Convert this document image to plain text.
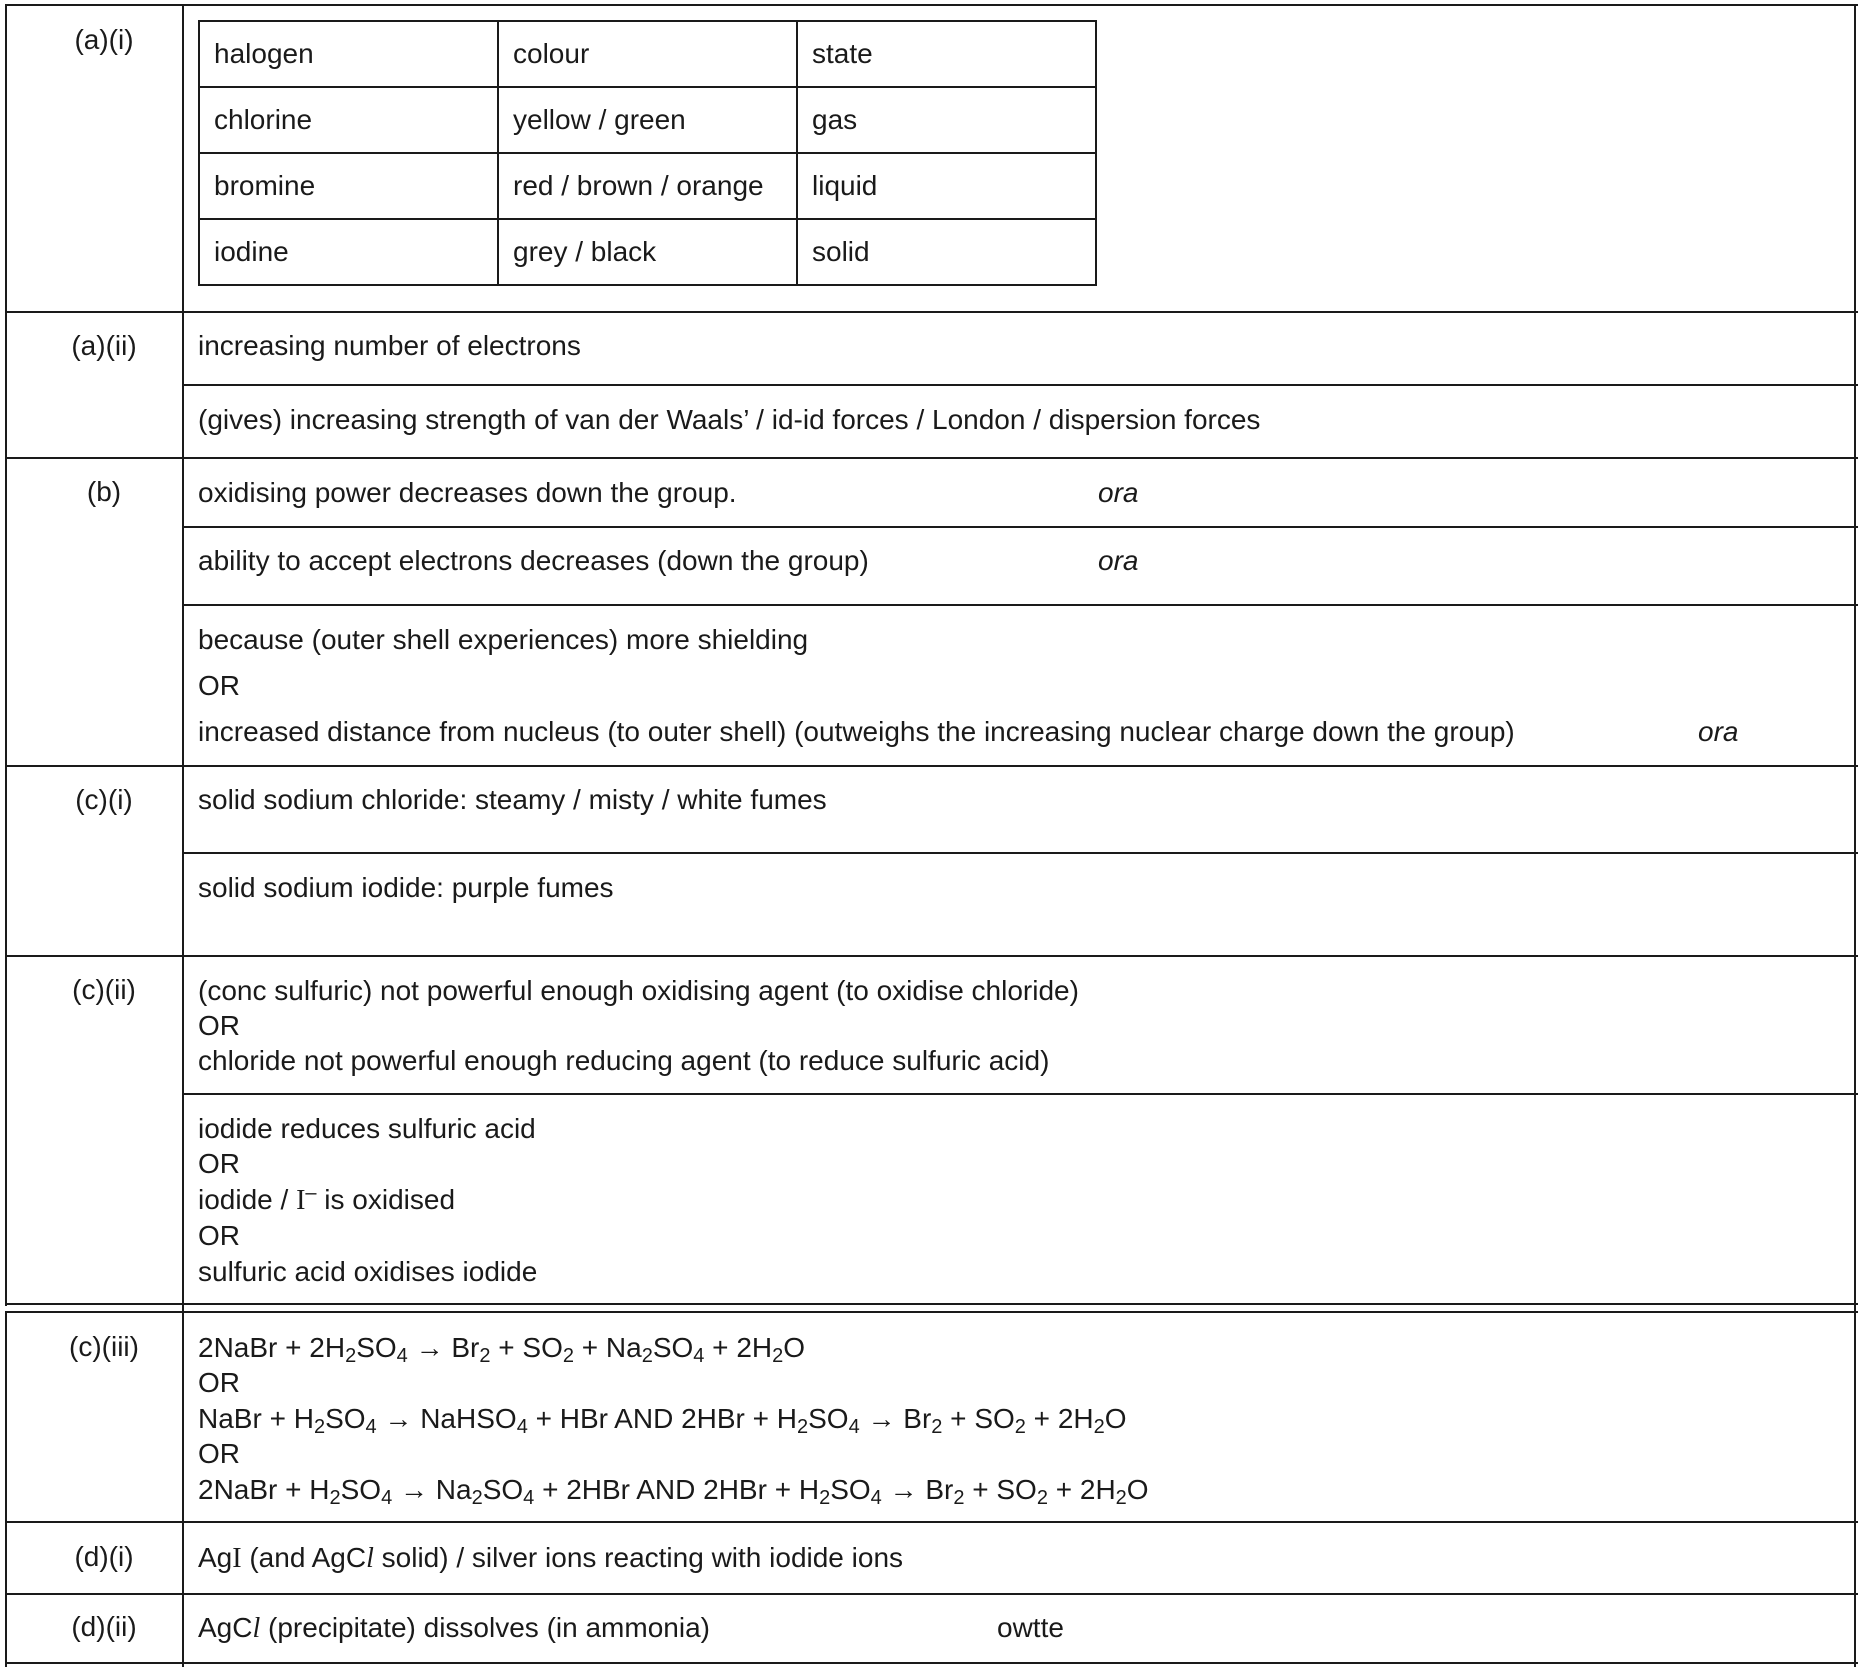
(a)(i)	halogen	colour	state
chlorine	yellow / green	gas
bromine	red / brown / orange	liquid
iodine	grey / black	solid
(a)(ii)	increasing number of electrons
(gives) increasing strength of van der Waals’ / id-id forces / London / dispersion forces
(b)	oxidising power decreases down the group.	ora
ability to accept electrons decreases (down the group)	ora
because (outer shell experiences) more shielding
OR
increased distance from nucleus (to outer shell) (outweighs the increasing nuclear charge down the group)	ora
(c)(i)	solid sodium chloride: steamy / misty / white fumes
solid sodium iodide: purple fumes
(c)(ii)	(conc sulfuric) not powerful enough oxidising agent (to oxidise chloride)
OR
chloride not powerful enough reducing agent (to reduce sulfuric acid)
iodide reduces sulfuric acid
OR
iodide / I– is oxidised
OR
sulfuric acid oxidises iodide
(c)(iii)	2NaBr + $2H_2SO_4 \to Br_2 + SO_2 + Na_2SO_4 + 2H_2O$
OR
NaBr + $H_2SO_4$ → NaHSO$_4$ + HBr AND $2HBr + H_2SO_4 \to Br_2 + SO_2 + 2H_2O$
OR
2NaBr + $H_2SO_4 \to Na_2SO_4 + 2HBr$ AND $2HBr + H_2SO_4 \to Br_2 + SO_2 + 2H_2O$
(d)(i)	AgI (and AgCl solid) / silver ions reacting with iodide ions
(d)(ii)	AgCl (precipitate) dissolves (in ammonia)	owtte
